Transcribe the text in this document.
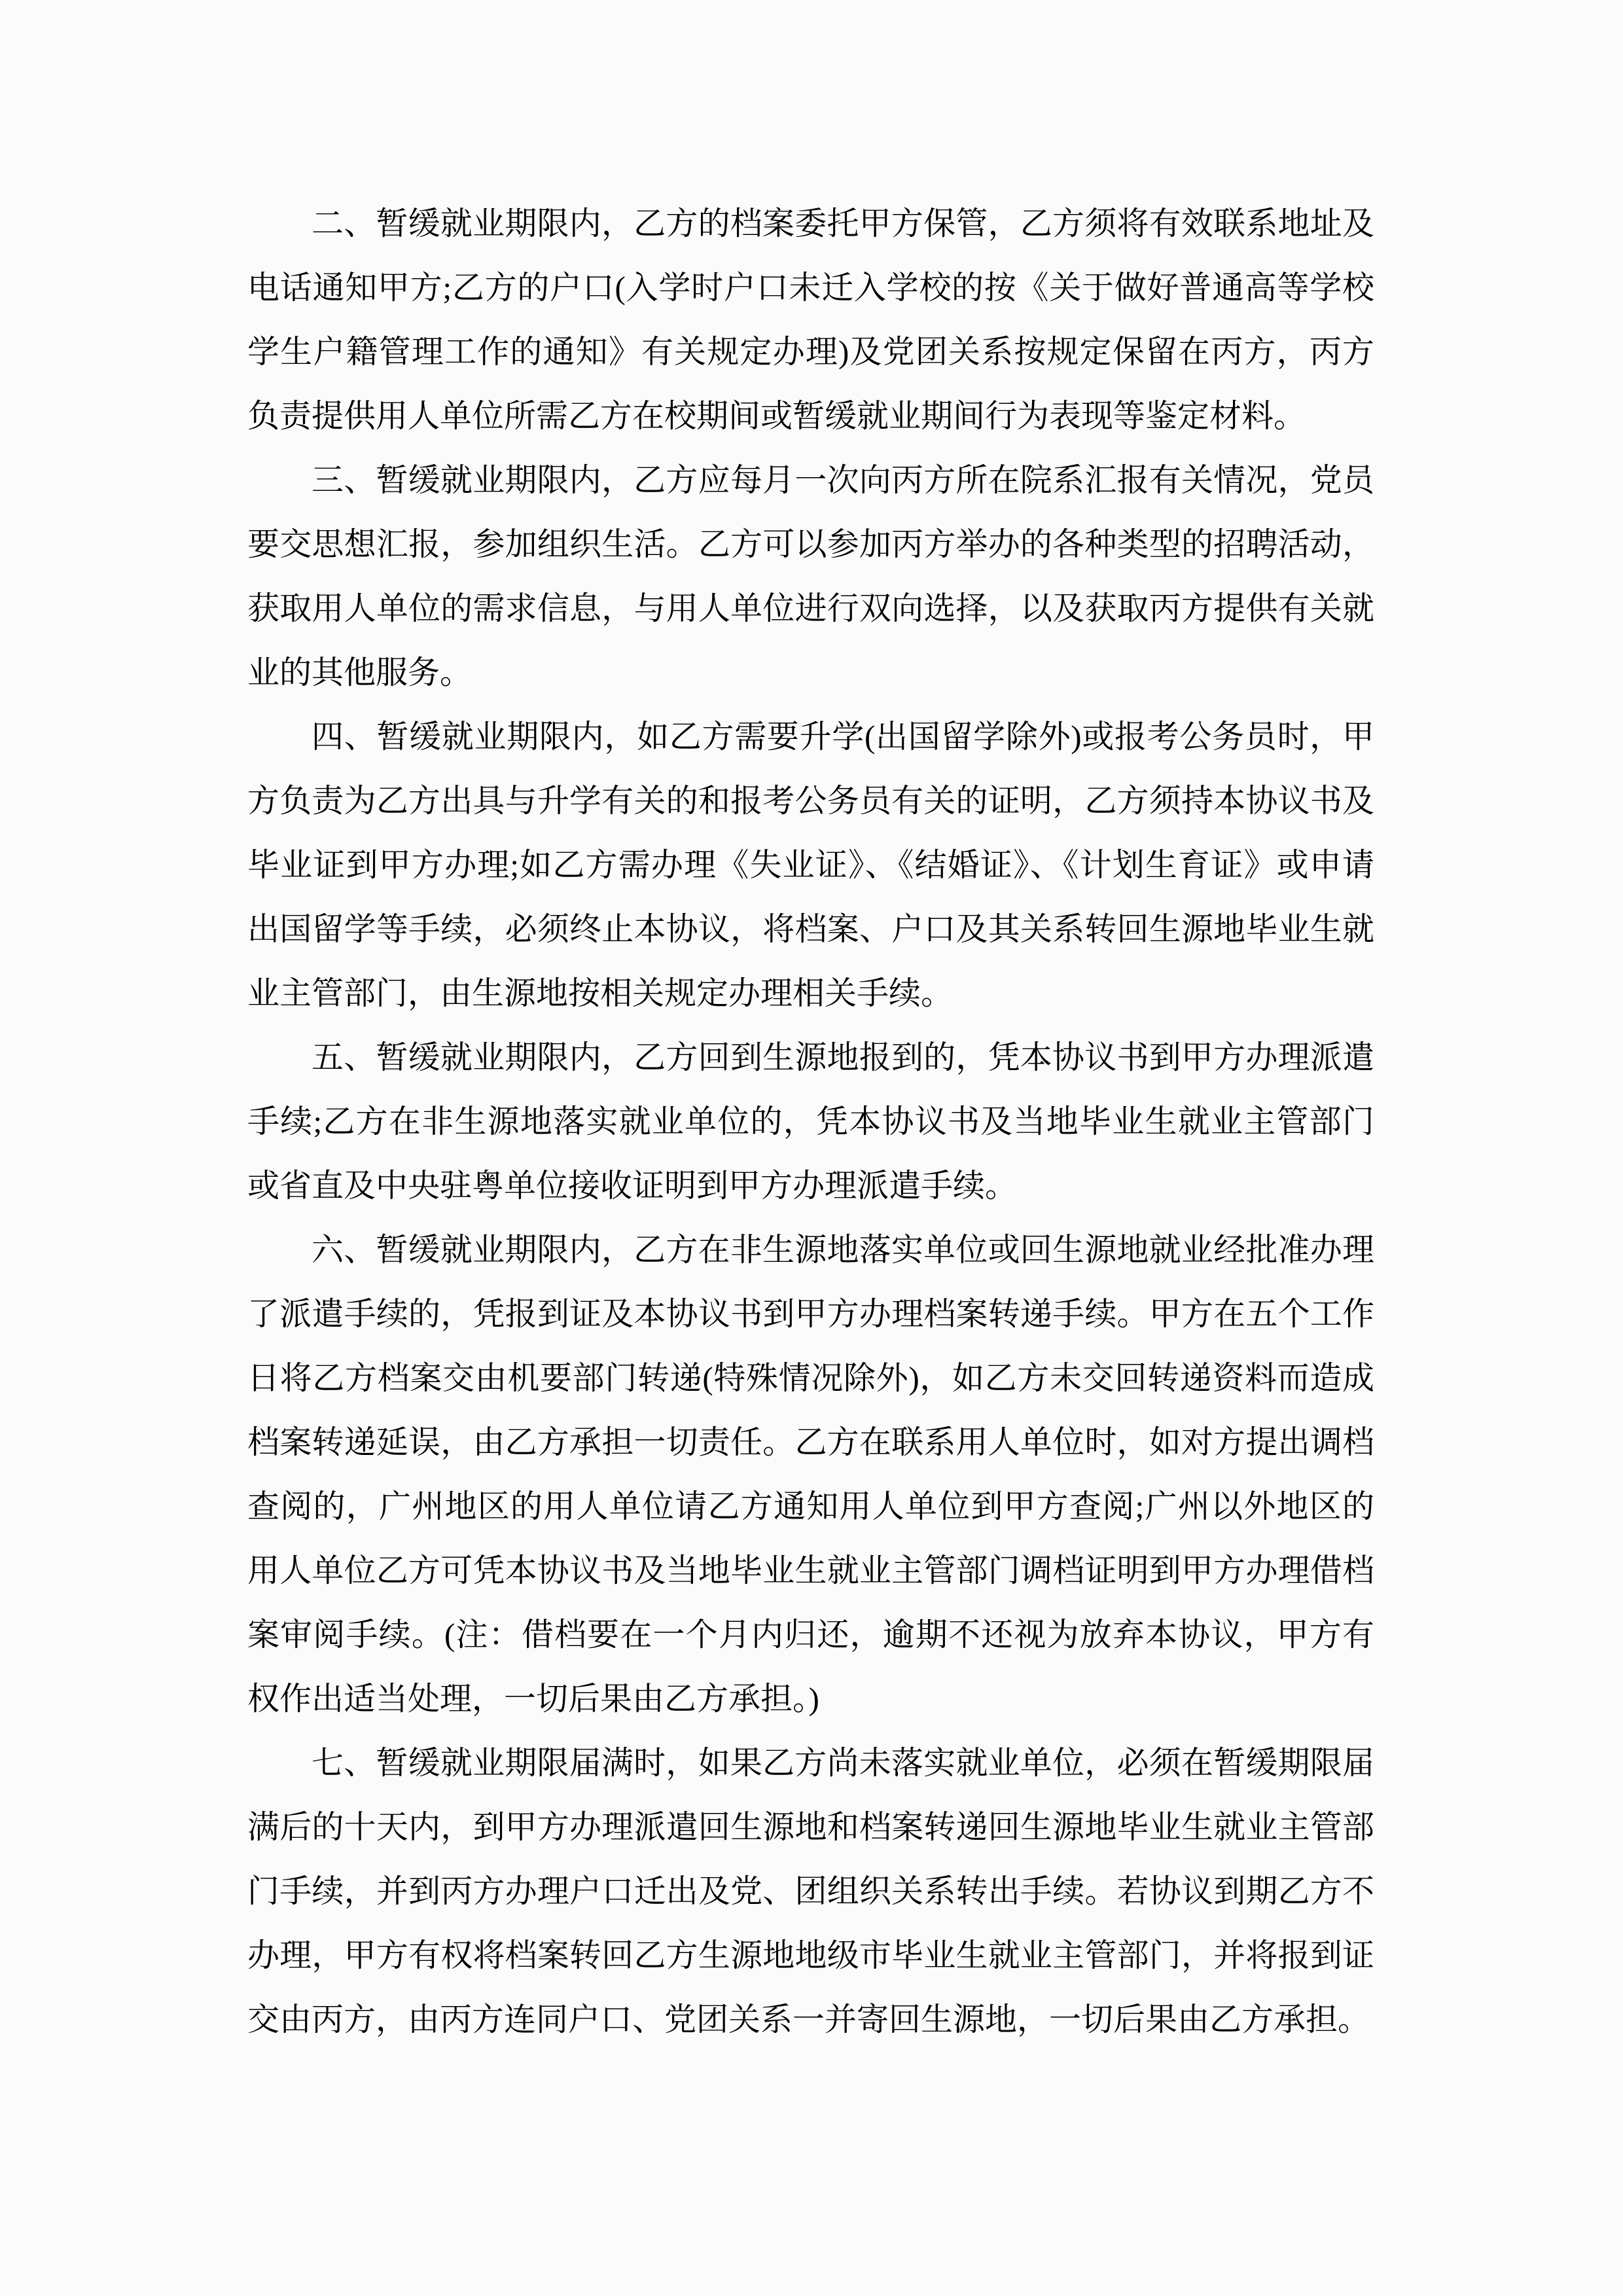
二、暂缓就业期限内，乙方的档案委托甲方保管，乙方须将有效联系地址及电话通知甲方;乙方的户口(入学时户口未迁入学校的按《关于做好普通高等学校学生户籍管理工作的通知》有关规定办理)及党团关系按规定保留在丙方，丙方负责提供用人单位所需乙方在校期间或暂缓就业期间行为表现等鉴定材料。

三、暂缓就业期限内，乙方应每月一次向丙方所在院系汇报有关情况，党员要交思想汇报，参加组织生活。乙方可以参加丙方举办的各种类型的招聘活动，获取用人单位的需求信息，与用人单位进行双向选择，以及获取丙方提供有关就业的其他服务。

四、暂缓就业期限内，如乙方需要升学(出国留学除外)或报考公务员时，甲方负责为乙方出具与升学有关的和报考公务员有关的证明，乙方须持本协议书及毕业证到甲方办理;如乙方需办理《失业证》、《结婚证》、《计划生育证》或申请出国留学等手续，必须终止本协议，将档案、户口及其关系转回生源地毕业生就业主管部门，由生源地按相关规定办理相关手续。

五、暂缓就业期限内，乙方回到生源地报到的，凭本协议书到甲方办理派遣手续;乙方在非生源地落实就业单位的，凭本协议书及当地毕业生就业主管部门或省直及中央驻粤单位接收证明到甲方办理派遣手续。

六、暂缓就业期限内，乙方在非生源地落实单位或回生源地就业经批准办理了派遣手续的，凭报到证及本协议书到甲方办理档案转递手续。甲方在五个工作日将乙方档案交由机要部门转递(特殊情况除外)，如乙方未交回转递资料而造成档案转递延误，由乙方承担一切责任。乙方在联系用人单位时，如对方提出调档查阅的，广州地区的用人单位请乙方通知用人单位到甲方查阅;广州以外地区的用人单位乙方可凭本协议书及当地毕业生就业主管部门调档证明到甲方办理借档案审阅手续。(注：借档要在一个月内归还，逾期不还视为放弃本协议，甲方有权作出适当处理，一切后果由乙方承担。)

七、暂缓就业期限届满时，如果乙方尚未落实就业单位，必须在暂缓期限届满后的十天内，到甲方办理派遣回生源地和档案转递回生源地毕业生就业主管部门手续，并到丙方办理户口迁出及党、团组织关系转出手续。若协议到期乙方不办理，甲方有权将档案转回乙方生源地地级市毕业生就业主管部门，并将报到证交由丙方，由丙方连同户口、党团关系一并寄回生源地，一切后果由乙方承担。
